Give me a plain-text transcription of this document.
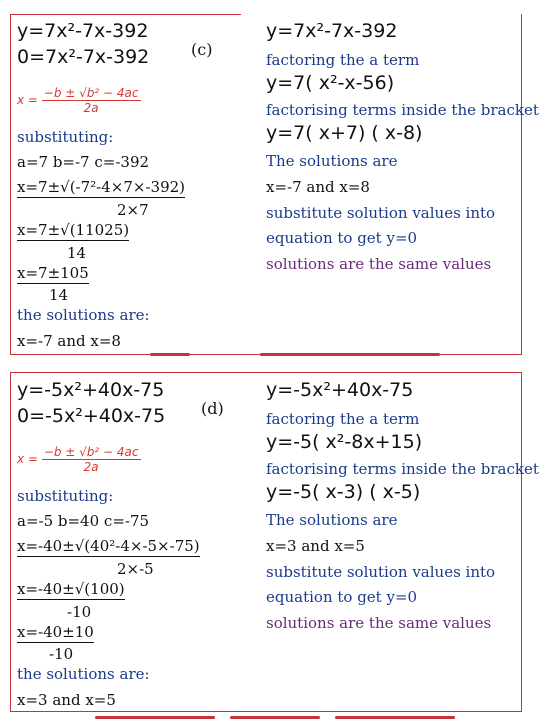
(c)
y=7x²-7x-392
0=7x²-7x-392
$x = \frac{\text{−b ± √b² − 4ac}}{2a}$
substituting:
a=7 b=-7 c=-392
x=7±√(-7²-4×7×-392)
2×7
x=7±√(11025)
14
x=7±105
14
the solutions are:
x=-7 and x=8
y=7x²-7x-392
factoring the a term
y=7( x²-x-56)
factorising terms inside the bracket
y=7( x+7) ( x-8)
The solutions are
x=-7 and x=8
substitute solution values into
equation to get y=0
solutions are the same values
(d)
y=-5x²+40x-75
0=-5x²+40x-75
$x = \frac{\text{−b ± √b² − 4ac}}{2a}$
substituting:
a=-5 b=40 c=-75
x=-40±√(40²-4×-5×-75)
2×-5
x=-40±√(100)
-10
x=-40±10
-10
the solutions are:
x=3 and x=5
y=-5x²+40x-75
factoring the a term
y=-5( x²-8x+15)
factorising terms inside the bracket
y=-5( x-3) ( x-5)
The solutions are
x=3 and x=5
substitute solution values into
equation to get y=0
solutions are the same values
